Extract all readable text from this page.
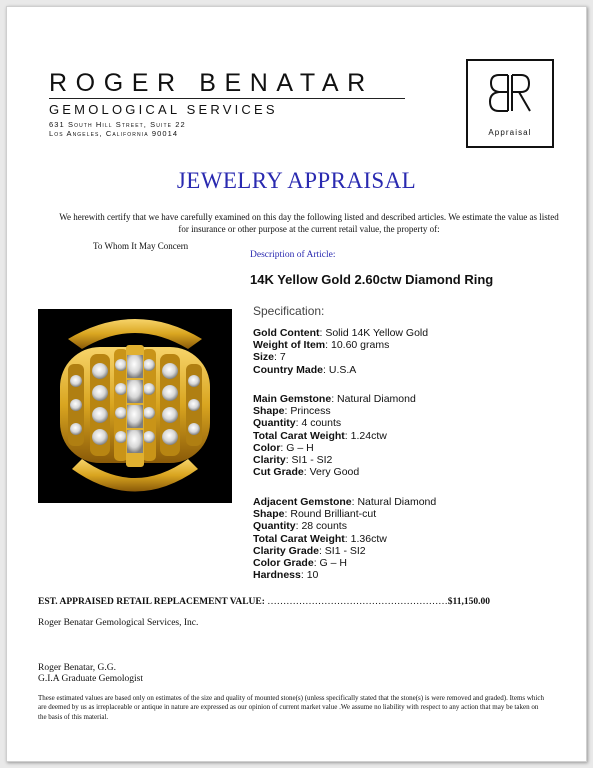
ROGER BENATAR
GEMOLOGICAL SERVICES
631 South Hill Street, Suite 22
Los Angeles, California 90014	Appraisal
JEWELRY APPRAISAL
We herewith certify that we have carefully examined on this day the following listed and described articles. We estimate the value as listed for insurance or other purpose at the current retail value, the property of:
To Whom It May Concern
Description of Article:
14K Yellow Gold 2.60ctw Diamond Ring
Specification:
Gold Content: Solid 14K Yellow Gold
Weight of Item: 10.60 grams
Size: 7
Country Made: U.S.A
Main Gemstone: Natural Diamond
Shape: Princess
Quantity: 4 counts
Total Carat Weight: 1.24ctw
Color: G – H
Clarity: SI1 - SI2
Cut Grade: Very Good
Adjacent Gemstone: Natural Diamond
Shape: Round Brilliant-cut
Quantity: 28 counts
Total Carat Weight: 1.36ctw
Clarity Grade: SI1 - SI2
Color Grade: G – H
Hardness: 10
EST. APPRAISED RETAIL REPLACEMENT VALUE: …………………………………………………$11,150.00
Roger Benatar Gemological Services, Inc.
Roger Benatar, G.G.
G.I.A Graduate Gemologist
These estimated values are based only on estimates of the size and quality of mounted stone(s) (unless specifically stated that the stone(s) is were removed and graded). Items which are deemed by us as irreplaceable or antique in nature are expressed as our opinion of current market value .We assume no liability with respect to any action that may be taken on the basis of this material.
